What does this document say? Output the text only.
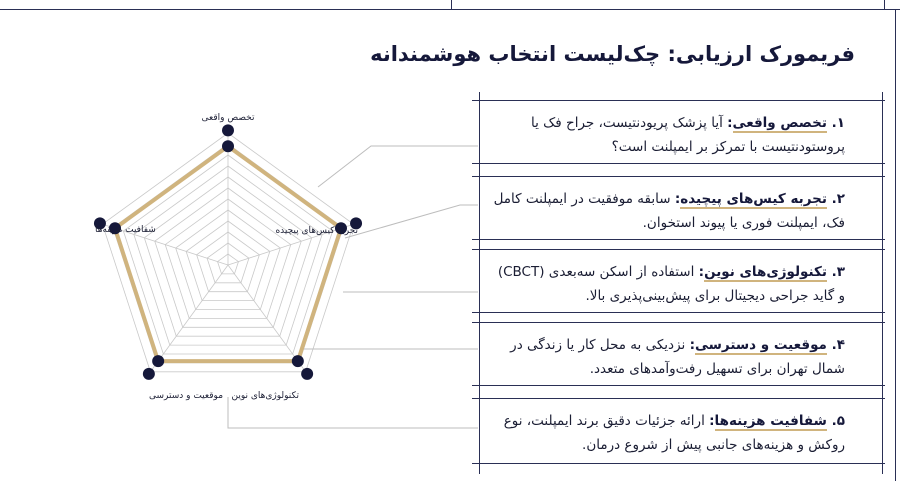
فریمورک ارزیابی: چک‌لیست انتخاب هوشمندانه
تخصص واقعی
تجربه کیس‌های پیچیده
تکنولوژی‌های نوین
موقعیت و دسترسی
شفافیت هزینه‌ها
۱. تخصص واقعی: آیا پزشک پریودنتیست، جراح فک یا پروستودنتیست با تمرکز بر ایمپلنت است؟
۲. تجربه کیس‌های پیچیده: سابقه موفقیت در ایمپلنت کامل فک، ایمپلنت فوری یا پیوند استخوان.
۳. تکنولوژی‌های نوین: استفاده از اسکن سه‌بعدی (CBCT) و گاید جراحی دیجیتال برای پیش‌بینی‌پذیری بالا.
۴. موقعیت و دسترسی: نزدیکی به محل کار یا زندگی در شمال تهران برای تسهیل رفت‌وآمدهای متعدد.
۵. شفافیت هزینه‌ها: ارائه جزئیات دقیق برند ایمپلنت، نوع روکش و هزینه‌های جانبی پیش از شروع درمان.
